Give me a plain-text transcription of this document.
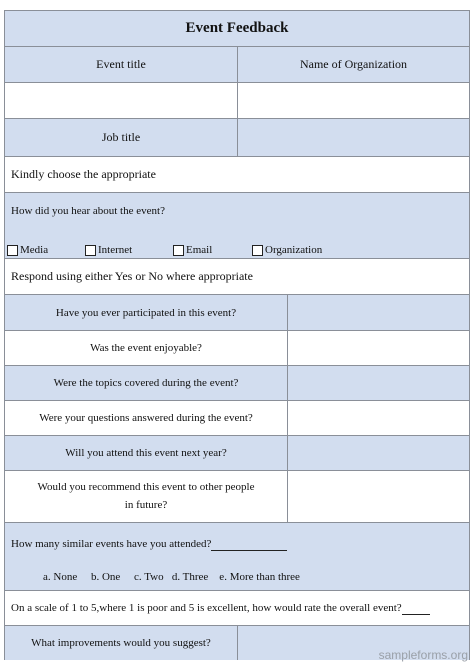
Event Feedback
Event title	Name of Organization
Job title
Kindly choose the appropriate
How did you hear about the event?
Media	Internet	Email	Organization
Respond using either Yes or No where appropriate
Have you ever participated in this event?
Was the event enjoyable?
Were the topics covered during the event?
Were your questions answered during the event?
Will you attend this event next year?
Would you recommend this event to other people in future?
How many similar events have you attended?
a. None     b. One     c. Two   d. Three    e. More than three
On a scale of 1 to 5,where 1 is poor and 5 is excellent, how would rate the overall event?
What improvements would you suggest?
sampleforms.org
